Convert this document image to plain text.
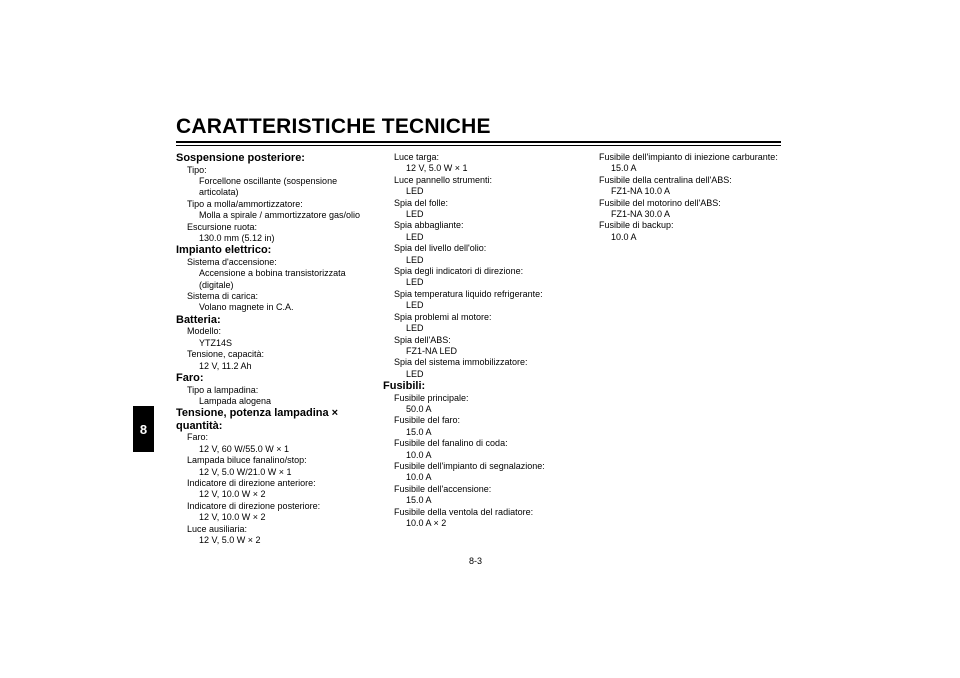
CARATTERISTICHE TECNICHE
8
Sospensione posteriore:
Tipo:
Forcellone oscillante (sospensione
articolata)
Tipo a molla/ammortizzatore:
Molla a spirale / ammortizzatore gas/olio
Escursione ruota:
130.0 mm (5.12 in)
Impianto elettrico:
Sistema d'accensione:
Accensione a bobina transistorizzata
(digitale)
Sistema di carica:
Volano magnete in C.A.
Batteria:
Modello:
YTZ14S
Tensione, capacità:
12 V, 11.2 Ah
Faro:
Tipo a lampadina:
Lampada alogena
Tensione, potenza lampadina × quantità:
Faro:
12 V, 60 W/55.0 W × 1
Lampada biluce fanalino/stop:
12 V, 5.0 W/21.0 W × 1
Indicatore di direzione anteriore:
12 V, 10.0 W × 2
Indicatore di direzione posteriore:
12 V, 10.0 W × 2
Luce ausiliaria:
12 V, 5.0 W × 2
Luce targa:
12 V, 5.0 W × 1
Luce pannello strumenti:
LED
Spia del folle:
LED
Spia abbagliante:
LED
Spia del livello dell'olio:
LED
Spia degli indicatori di direzione:
LED
Spia temperatura liquido refrigerante:
LED
Spia problemi al motore:
LED
Spia dell'ABS:
FZ1-NA LED
Spia del sistema immobilizzatore:
LED
Fusibili:
Fusibile principale:
50.0 A
Fusibile del faro:
15.0 A
Fusibile del fanalino di coda:
10.0 A
Fusibile dell'impianto di segnalazione:
10.0 A
Fusibile dell'accensione:
15.0 A
Fusibile della ventola del radiatore:
10.0 A × 2
Fusibile dell'impianto di iniezione carburante:
15.0 A
Fusibile della centralina dell'ABS:
FZ1-NA 10.0 A
Fusibile del motorino dell'ABS:
FZ1-NA 30.0 A
Fusibile di backup:
10.0 A
8-3
